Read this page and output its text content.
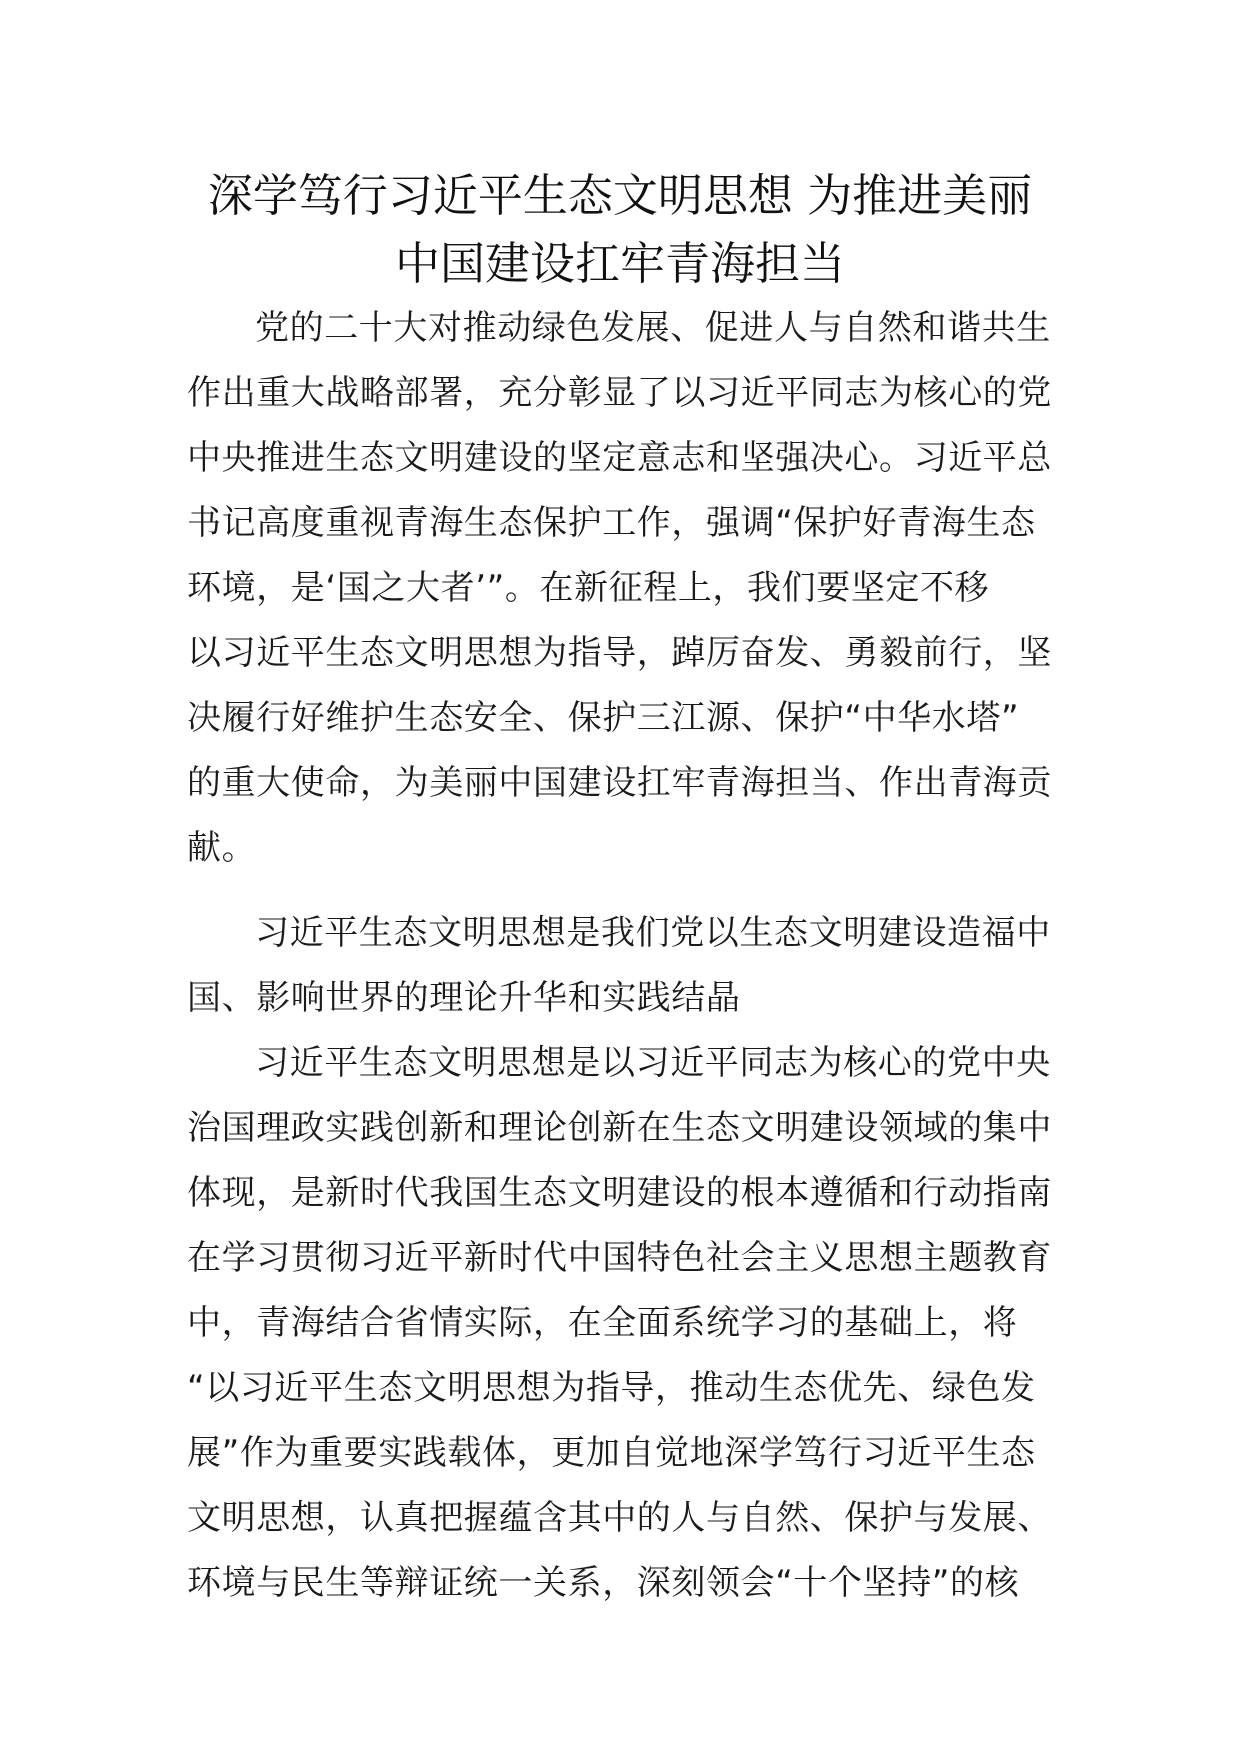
深学笃行习近平生态文明思想 为推进美丽
中国建设扛牢青海担当
党的二十大对推动绿色发展、促进人与自然和谐共生
作出重大战略部署，充分彰显了以习近平同志为核心的党
中央推进生态文明建设的坚定意志和坚强决心。习近平总
书记高度重视青海生态保护工作，强调“保护好青海生态
环境，是‘国之大者’”。在新征程上，我们要坚定不移
以习近平生态文明思想为指导，踔厉奋发、勇毅前行，坚
决履行好维护生态安全、保护三江源、保护“中华水塔”
的重大使命，为美丽中国建设扛牢青海担当、作出青海贡
献。
习近平生态文明思想是我们党以生态文明建设造福中
国、影响世界的理论升华和实践结晶
习近平生态文明思想是以习近平同志为核心的党中央
治国理政实践创新和理论创新在生态文明建设领域的集中
体现，是新时代我国生态文明建设的根本遵循和行动指南
在学习贯彻习近平新时代中国特色社会主义思想主题教育
中，青海结合省情实际，在全面系统学习的基础上，将
“以习近平生态文明思想为指导，推动生态优先、绿色发
展”作为重要实践载体，更加自觉地深学笃行习近平生态
文明思想，认真把握蕴含其中的人与自然、保护与发展、
环境与民生等辩证统一关系，深刻领会“十个坚持”的核
